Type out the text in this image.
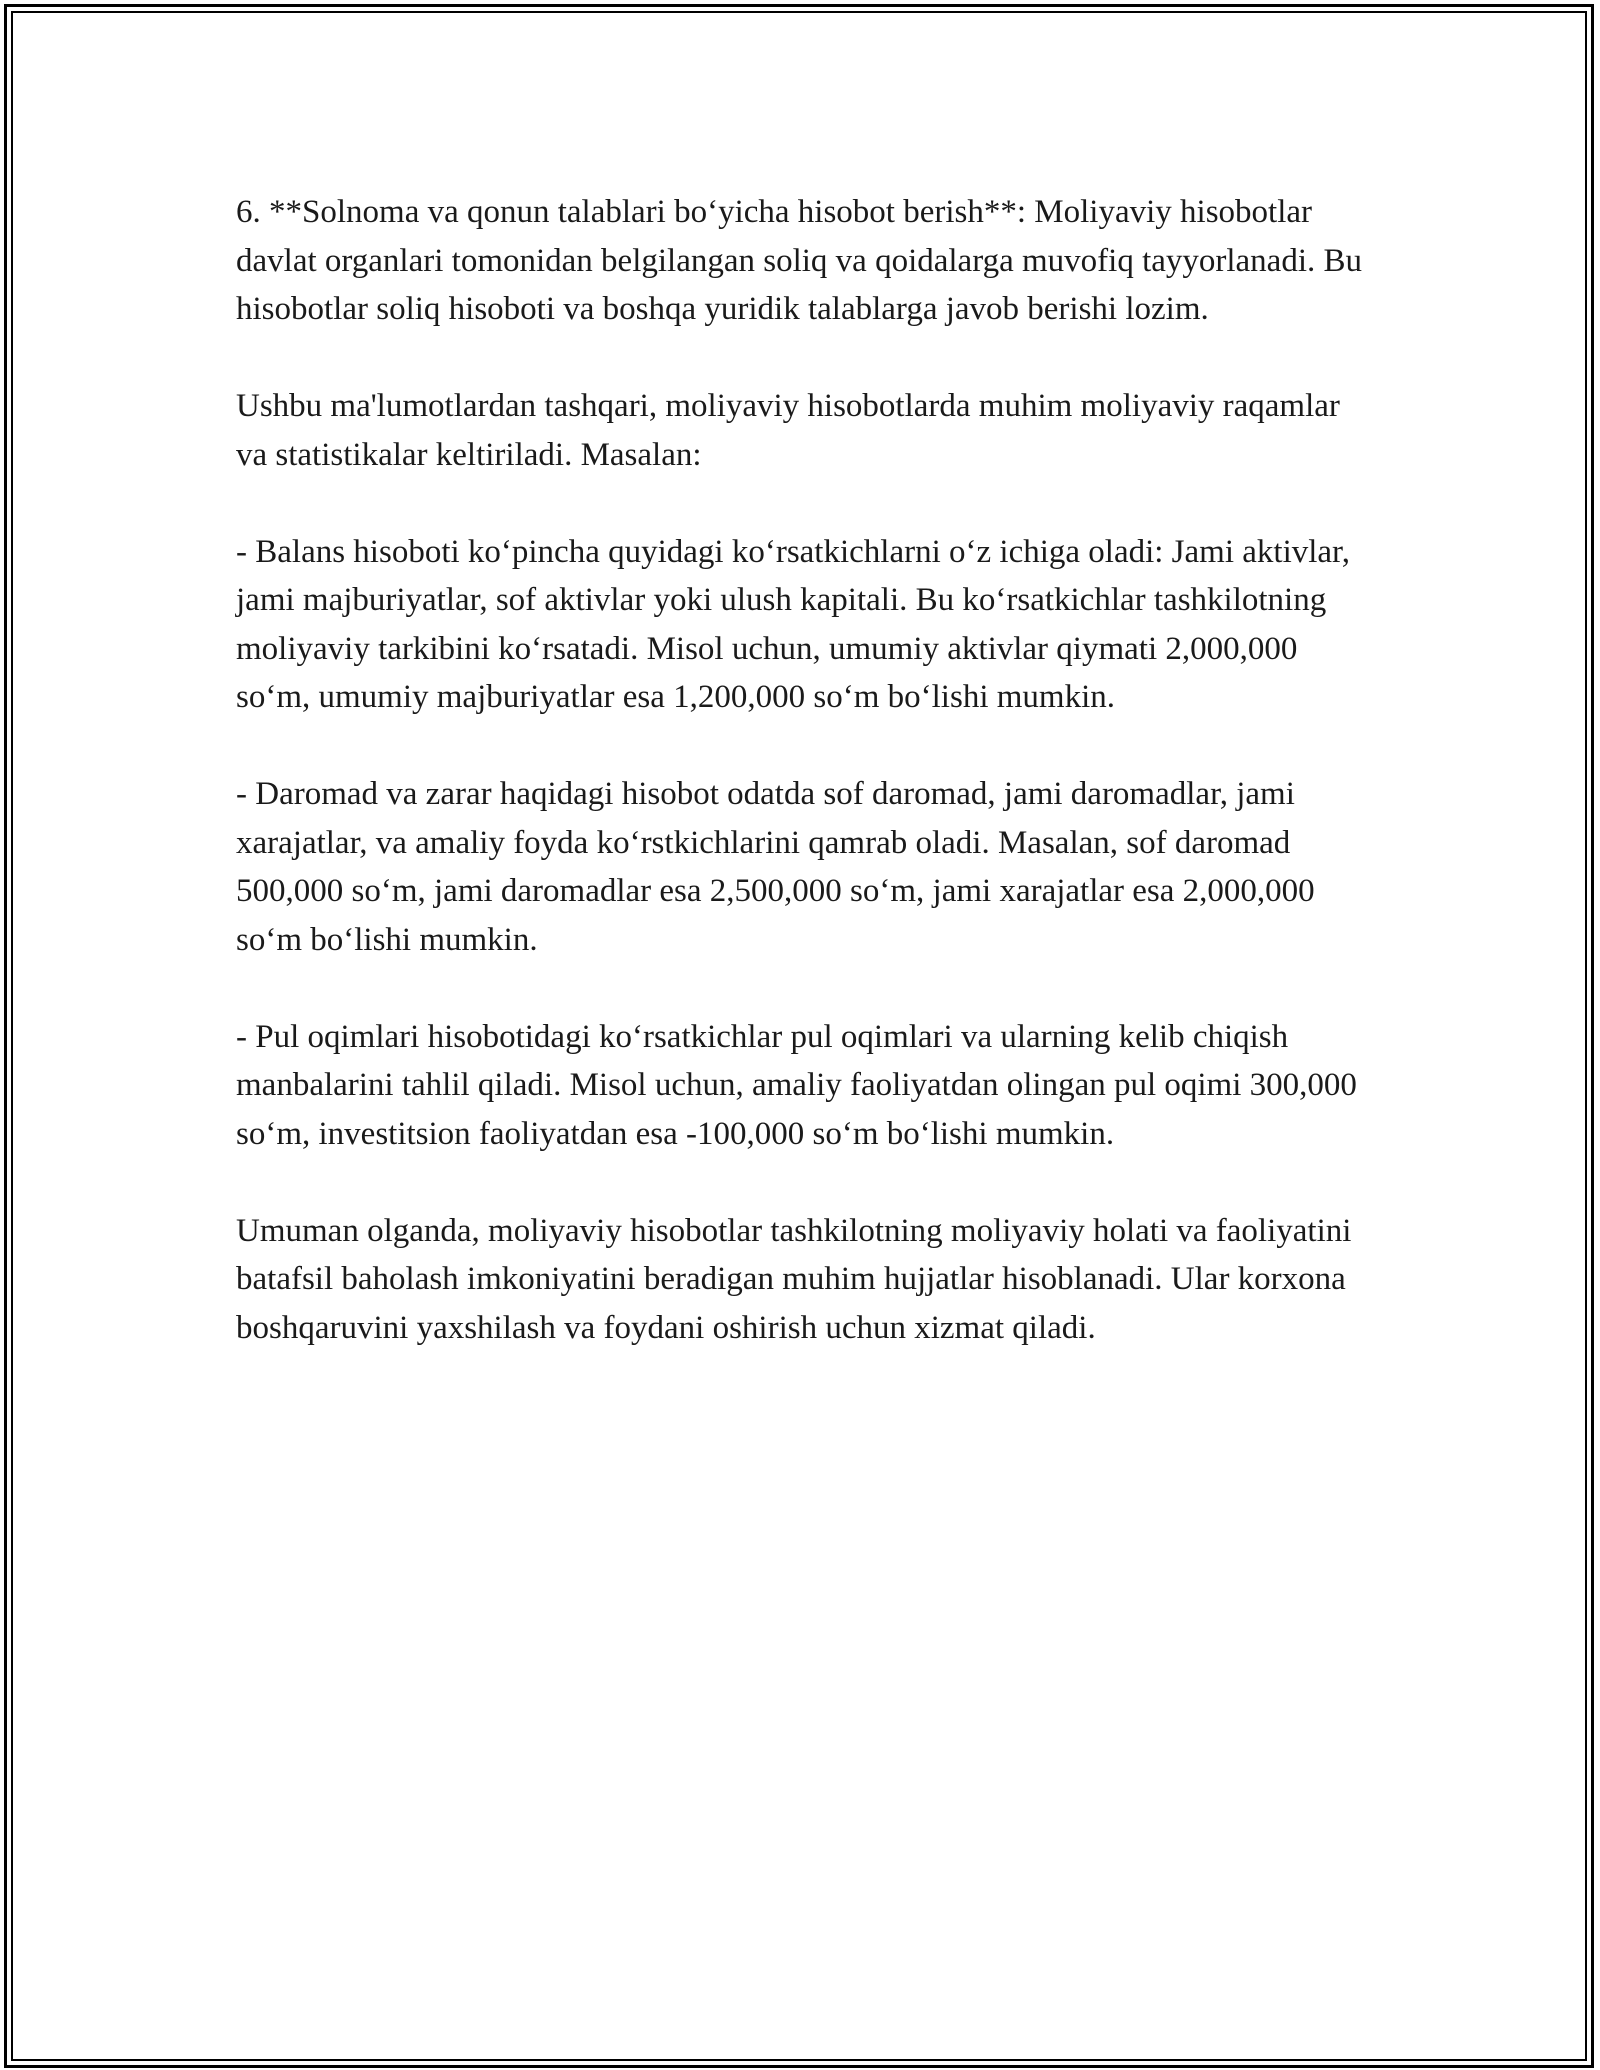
6. **Solnoma va qonun talablari bo‘yicha hisobot berish**: Moliyaviy hisobotlar davlat organlari tomonidan belgilangan soliq va qoidalarga muvofiq tayyorlanadi. Bu hisobotlar soliq hisoboti va boshqa yuridik talablarga javob berishi lozim.

Ushbu ma'lumotlardan tashqari, moliyaviy hisobotlarda muhim moliyaviy raqamlar va statistikalar keltiriladi. Masalan:

- Balans hisoboti ko‘pincha quyidagi ko‘rsatkichlarni o‘z ichiga oladi: Jami aktivlar, jami majburiyatlar, sof aktivlar yoki ulush kapitali. Bu ko‘rsatkichlar tashkilotning moliyaviy tarkibini ko‘rsatadi. Misol uchun, umumiy aktivlar qiymati 2,000,000 so‘m, umumiy majburiyatlar esa 1,200,000 so‘m bo‘lishi mumkin.

- Daromad va zarar haqidagi hisobot odatda sof daromad, jami daromadlar, jami xarajatlar, va amaliy foyda ko‘rstkichlarini qamrab oladi. Masalan, sof daromad 500,000 so‘m, jami daromadlar esa 2,500,000 so‘m, jami xarajatlar esa 2,000,000 so‘m bo‘lishi mumkin.

- Pul oqimlari hisobotidagi ko‘rsatkichlar pul oqimlari va ularning kelib chiqish manbalarini tahlil qiladi. Misol uchun, amaliy faoliyatdan olingan pul oqimi 300,000 so‘m, investitsion faoliyatdan esa -100,000 so‘m bo‘lishi mumkin.

Umuman olganda, moliyaviy hisobotlar tashkilotning moliyaviy holati va faoliyatini batafsil baholash imkoniyatini beradigan muhim hujjatlar hisoblanadi. Ular korxona boshqaruvini yaxshilash va foydani oshirish uchun xizmat qiladi.
